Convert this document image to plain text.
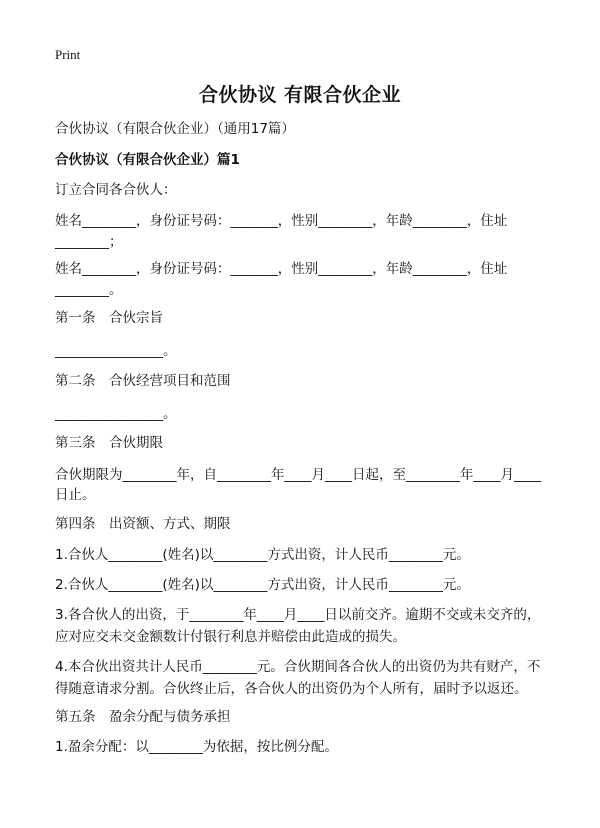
Print
合伙协议 有限合伙企业
合伙协议（有限合伙企业）（通用17篇）
合伙协议（有限合伙企业）篇1
订立合同各合伙人：
姓名________，身份证号码：_______，性别________，年龄________，住址
________；
姓名________，身份证号码：_______，性别________，年龄________，住址
________。
第一条　合伙宗旨
________________。
第二条　合伙经营项目和范围
________________。
第三条　合伙期限
合伙期限为________年，自________年____月____日起，至________年____月____
日止。
第四条　出资额、方式、期限
1.合伙人________(姓名)以________方式出资，计人民币________元。
2.合伙人________(姓名)以________方式出资，计人民币________元。
3.各合伙人的出资，于________年____月____日以前交齐。逾期不交或未交齐的，应对应交未交金额数计付银行利息并赔偿由此造成的损失。
4.本合伙出资共计人民币________元。合伙期间各合伙人的出资仍为共有财产，不得随意请求分割。合伙终止后，各合伙人的出资仍为个人所有，届时予以返还。
第五条　盈余分配与债务承担
1.盈余分配：以________为依据，按比例分配。
